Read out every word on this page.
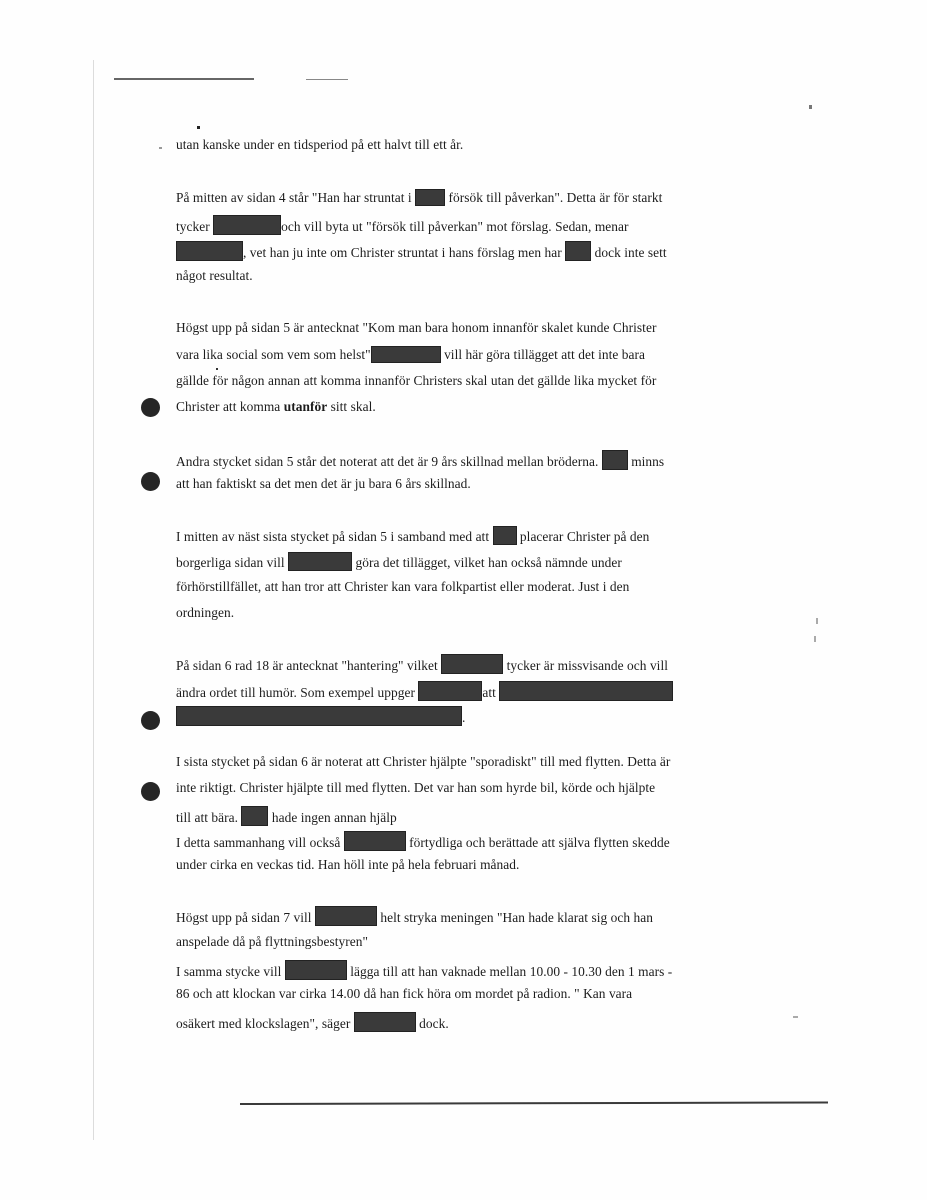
utan kanske under en tidsperiod på ett halvt till ett år.
På mitten av sidan 4 står "Han har struntat i	försök till påverkan". Detta är för starkt
tycker	och vill byta ut "försök till påverkan" mot förslag. Sedan, menar
, vet han ju inte om Christer struntat i hans förslag men har dock inte sett
något resultat.
Högst upp på sidan 5 är antecknat "Kom man bara honom innanför skalet kunde Christer
vara lika social som vem som helst"	vill här göra tillägget att det inte bara
gällde för någon annan att komma innanför Christers skal utan det gällde lika mycket för
Christer att komma utanför sitt skal.
Andra stycket sidan 5 står det noterat att det är 9 års skillnad mellan bröderna. minns
att han faktiskt sa det men det är ju bara 6 års skillnad.
I mitten av näst sista stycket på sidan 5 i samband med att placerar Christer på den
borgerliga sidan vill	göra det tillägget, vilket han också nämnde under
förhörstillfället, att han tror att Christer kan vara folkpartist eller moderat. Just i den
ordningen.
På sidan 6 rad 18 är antecknat "hantering" vilket	tycker är missvisande och vill
ändra ordet till humör. Som exempel uppger	att
.
I sista stycket på sidan 6 är noterat att Christer hjälpte "sporadiskt" till med flytten. Detta är
inte riktigt. Christer hjälpte till med flytten. Det var han som hyrde bil, körde och hjälpte
till att bära.	hade ingen annan hjälp
I detta sammanhang vill också	förtydliga och berättade att själva flytten skedde
under cirka en veckas tid. Han höll inte på hela februari månad.
Högst upp på sidan 7 vill	helt stryka meningen "Han hade klarat sig och han
anspelade då på flyttningsbestyren"
I samma stycke vill	lägga till att han vaknade mellan 10.00 - 10.30 den 1 mars -
86 och att klockan var cirka 14.00 då han fick höra om mordet på radion. " Kan vara
osäkert med klockslagen", säger	dock.
